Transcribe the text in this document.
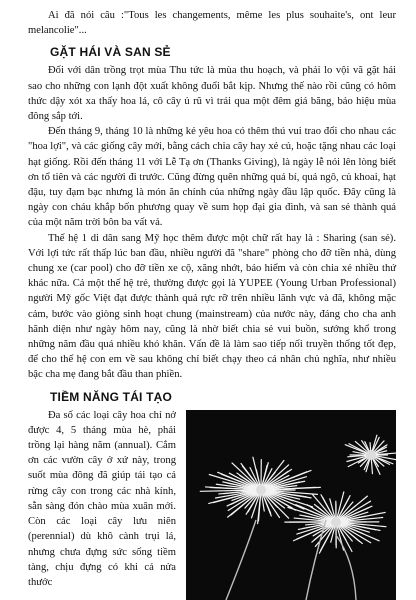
Ai đã nói câu :"Tous les changements, même les plus souhaite's, ont leur melancolie"...

GẶT HÁI VÀ SAN SẺ

Đối với dân trồng trọt mùa Thu tức là mùa thu hoạch, và phải lo vội vã gặt hái sao cho những con lạnh đột xuất không đuổi bắt kịp. Nhưng thế nào rồi cũng có hôm thức dậy xót xa thấy hoa lá, cô cây ủ rũ vì trái qua một đêm giá băng, bảo hiệu mùa đông sắp tới.

Đến tháng 9, tháng 10 là những kẻ yêu hoa có thêm thú vui trao đổi cho nhau các "hoa lợi", và các giống cây mới, bằng cách chia cây hay xẻ củ, hoặc tặng nhau các loại hạt giống. Rồi đến tháng 11 với Lễ Tạ ơn (Thanks Giving), là ngày lễ nói lên lòng biết ơn tổ tiên và các người đi trước. Cũng đừng quên những quả bí, quả ngô, củ khoai, hạt đậu, tuy đạm bạc nhưng là món ăn chính của những ngày đầu lập quốc. Đây cũng là ngày con cháu khắp bốn phương quay về sum họp đại gia đình, và san sẻ thành quả của một năm trời bôn ba vất vả.

Thế hệ 1 di dân sang Mỹ học thêm được một chữ rất hay là : Sharing (san sẻ). Với lợi tức rất thấp lúc ban đầu, nhiều người đã "share" phòng cho đỡ tiền nhà, dùng chung xe (car pool) cho đỡ tiền xe cộ, xăng nhớt, bảo hiểm và còn chia xẻ nhiều thứ khác nữa. Cả một thế hệ trẻ, thường được gọi là YUPEE (Young Urban Professional) người Mỹ gốc Việt đạt được thành quả rực rỡ trên nhiều lãnh vực và đã, không mặc cảm, bước vào giòng sinh hoạt chung (mainstream) của nước này, đáng cho cha anh hãnh diện như ngày hôm nay, cũng là nhờ biết chia sẻ vui buồn, sướng khổ trong những năm đầu quá nhiều khó khăn. Vấn đề là làm sao tiếp nối truyền thống tốt đẹp, để cho thế hệ con em về sau không chỉ biết chạy theo cá nhân chủ nghĩa, như nhiều bậc cha mẹ đang bắt đầu than phiền.

TIỀM NĂNG TÁI TẠO

Đa số các loại cây hoa chỉ nở được 4, 5 tháng mùa hè, phải trồng lại hàng năm (annual). Cắm ơn các vườn cây ở xứ này, trong suốt mùa đông đã giúp tái tạo cả rừng cây con trong các nhà kính, sẵn sàng đón chào mùa xuân mới. Còn các loại cây lưu niên (perennial) dù khô cành trụi lá, nhưng chưa đựng sức sống tiềm tàng, chịu đựng có khi cả nửa thước
